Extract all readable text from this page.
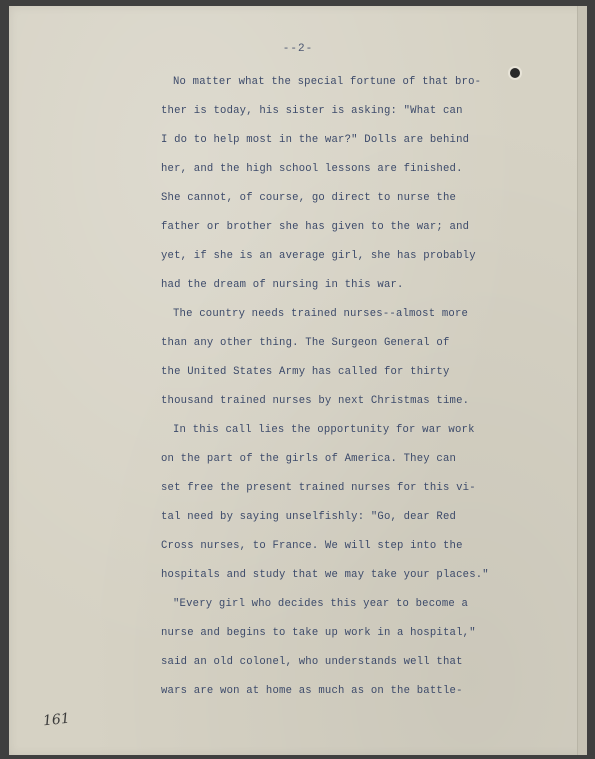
--2-
No matter what the special fortune of that bro-
ther is today, his sister is asking: "What can
I do to help most in the war?" Dolls are behind
her, and the high school lessons are finished.
She cannot, of course, go direct to nurse the
father or brother she has given to the war; and
yet, if she is an average girl, she has probably
had the dream of nursing in this war.
The country needs trained nurses--almost more
than any other thing. The Surgeon General of
the United States Army has called for thirty
thousand trained nurses by next Christmas time.
In this call lies the opportunity for war work
on the part of the girls of America. They can
set free the present trained nurses for this vi-
tal need by saying unselfishly: "Go, dear Red
Cross nurses, to France. We will step into the
hospitals and study that we may take your places."
"Every girl who decides this year to become a
nurse and begins to take up work in a hospital,"
said an old colonel, who understands well that
wars are won at home as much as on the battle-
161
